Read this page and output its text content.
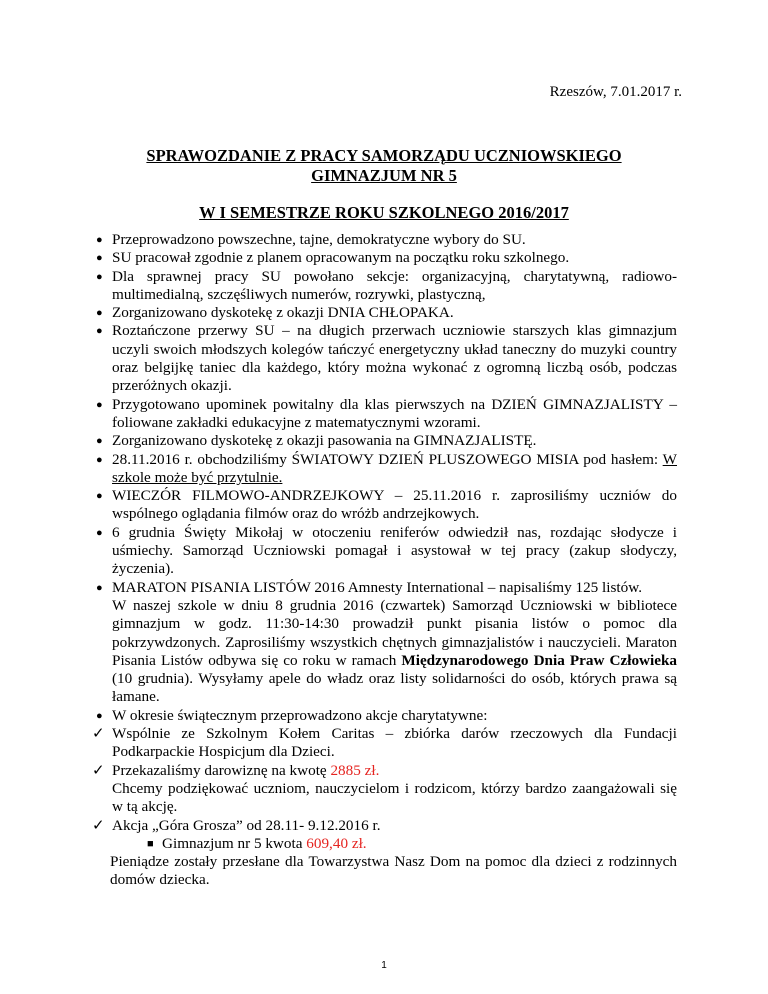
Rzeszów, 7.01.2017 r.
SPRAWOZDANIE Z PRACY SAMORZĄDU UCZNIOWSKIEGO
GIMNAZJUM NR 5
W I SEMESTRZE ROKU SZKOLNEGO 2016/2017
● Przeprowadzono powszechne, tajne, demokratyczne wybory do SU.
● SU pracował zgodnie z planem opracowanym na początku roku szkolnego.
● Dla sprawnej pracy SU powołano sekcje: organizacyjną, charytatywną, radiowo-multimedialną, szczęśliwych numerów, rozrywki, plastyczną,
● Zorganizowano dyskotekę z okazji DNIA CHŁOPAKA.
● Roztańczone przerwy SU – na długich przerwach uczniowie starszych klas gimnazjum uczyli swoich młodszych kolegów tańczyć energetyczny układ taneczny do muzyki country oraz belgijkę taniec dla każdego, który można wykonać z ogromną liczbą osób, podczas przeróżnych okazji.
● Przygotowano upominek powitalny dla klas pierwszych na DZIEŃ GIMNAZJALISTY – foliowane zakładki edukacyjne z matematycznymi wzorami.
● Zorganizowano dyskotekę z okazji pasowania na GIMNAZJALISTĘ.
● 28.11.2016 r. obchodziliśmy ŚWIATOWY DZIEŃ PLUSZOWEGO MISIA pod hasłem: W szkole może być przytulnie.
● WIECZÓR FILMOWO-ANDRZEJKOWY – 25.11.2016 r. zaprosiliśmy uczniów do wspólnego oglądania filmów oraz do wróżb andrzejkowych.
● 6 grudnia Święty Mikołaj w otoczeniu reniferów odwiedził nas, rozdając słodycze i uśmiechy. Samorząd Uczniowski pomagał i asystował w tej pracy (zakup słodyczy, życzenia).
● MARATON PISANIA LISTÓW 2016 Amnesty International – napisaliśmy 125 listów.
W naszej szkole w dniu 8 grudnia 2016 (czwartek) Samorząd Uczniowski w bibliotece gimnazjum w godz. 11:30-14:30 prowadził punkt pisania listów o pomoc dla pokrzywdzonych. Zaprosiliśmy wszystkich chętnych gimnazjalistów i nauczycieli. Maraton Pisania Listów odbywa się co roku w ramach Międzynarodowego Dnia Praw Człowieka (10 grudnia). Wysyłamy apele do władz oraz listy solidarności do osób, których prawa są łamane.
● W okresie świątecznym przeprowadzono akcje charytatywne:
✓ Wspólnie ze Szkolnym Kołem Caritas – zbiórka darów rzeczowych dla Fundacji Podkarpackie Hospicjum dla Dzieci.
✓ Przekazaliśmy darowiznę na kwotę 2885 zł.
Chcemy podziękować uczniom, nauczycielom i rodzicom, którzy bardzo zaangażowali się w tą akcję.
✓ Akcja „Góra Grosza” od 28.11- 9.12.2016 r.
■ Gimnazjum nr 5 kwota 609,40 zł.
Pieniądze zostały przesłane dla Towarzystwa Nasz Dom na pomoc dla dzieci z rodzinnych domów dziecka.
1
